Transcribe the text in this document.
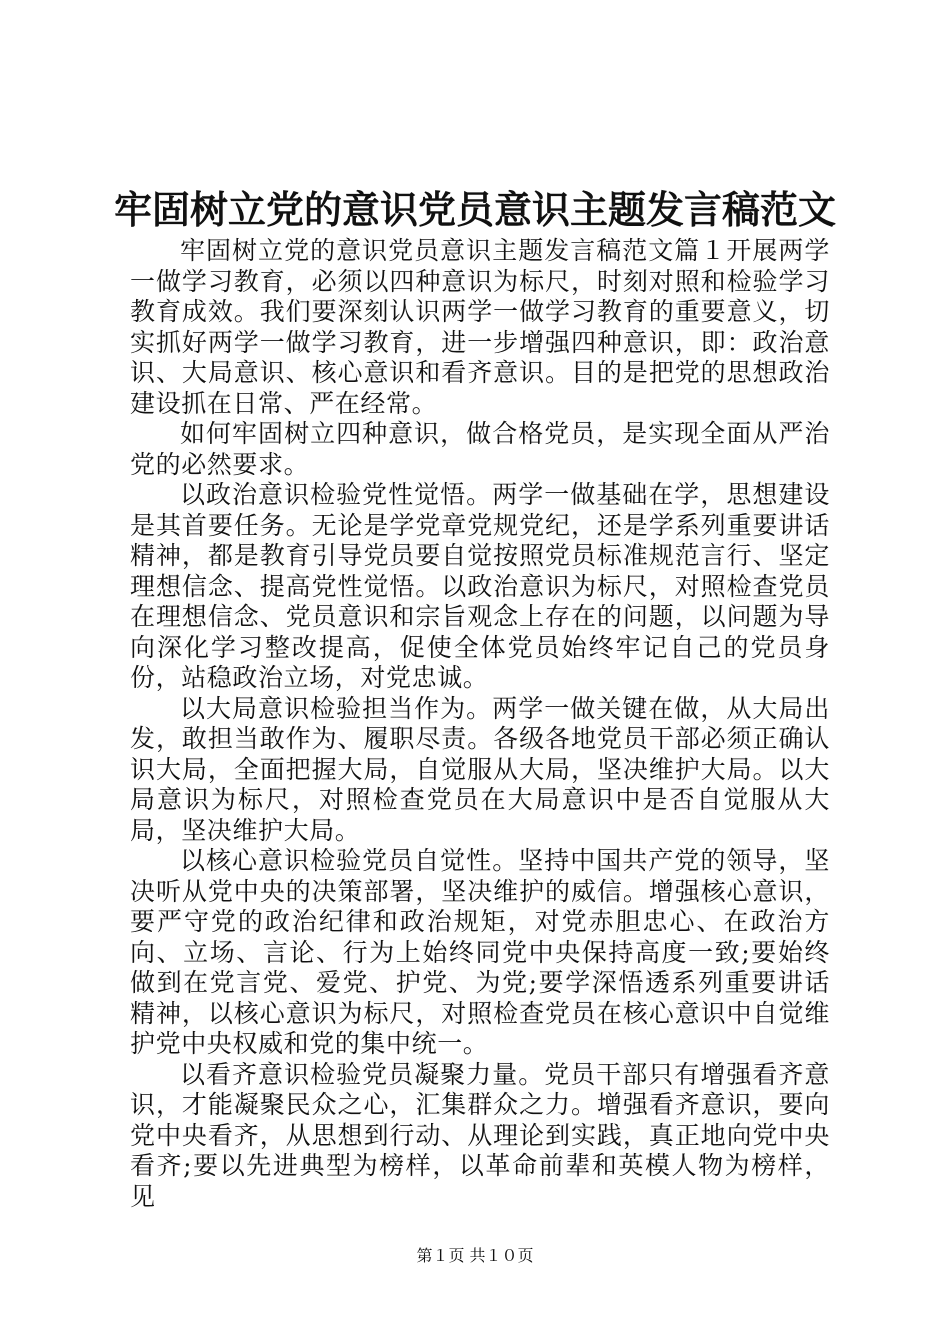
牢固树立党的意识党员意识主题发言稿范文

牢固树立党的意识党员意识主题发言稿范文篇１开展两学一做学习教育，必须以四种意识为标尺，时刻对照和检验学习教育成效。我们要深刻认识两学一做学习教育的重要意义，切实抓好两学一做学习教育，进一步增强四种意识，即：政治意识、大局意识、核心意识和看齐意识。目的是把党的思想政治建设抓在日常、严在经常。

如何牢固树立四种意识，做合格党员，是实现全面从严治党的必然要求。

以政治意识检验党性觉悟。两学一做基础在学，思想建设是其首要任务。无论是学党章党规党纪，还是学系列重要讲话精神，都是教育引导党员要自觉按照党员标准规范言行、坚定理想信念、提高党性觉悟。以政治意识为标尺，对照检查党员在理想信念、党员意识和宗旨观念上存在的问题，以问题为导向深化学习整改提高，促使全体党员始终牢记自己的党员身份，站稳政治立场，对党忠诚。

以大局意识检验担当作为。两学一做关键在做，从大局出发，敢担当敢作为、履职尽责。各级各地党员干部必须正确认识大局，全面把握大局，自觉服从大局，坚决维护大局。以大局意识为标尺，对照检查党员在大局意识中是否自觉服从大局，坚决维护大局。

以核心意识检验党员自觉性。坚持中国共产党的领导，坚决听从党中央的决策部署，坚决维护的威信。增强核心意识，要严守党的政治纪律和政治规矩，对党赤胆忠心、在政治方向、立场、言论、行为上始终同党中央保持高度一致;要始终做到在党言党、爱党、护党、为党;要学深悟透系列重要讲话精神，以核心意识为标尺，对照检查党员在核心意识中自觉维护党中央权威和党的集中统一。

以看齐意识检验党员凝聚力量。党员干部只有增强看齐意识，才能凝聚民众之心，汇集群众之力。增强看齐意识，要向党中央看齐，从思想到行动、从理论到实践，真正地向党中央看齐;要以先进典型为榜样，以革命前辈和英模人物为榜样，见

第１页 共１０页
